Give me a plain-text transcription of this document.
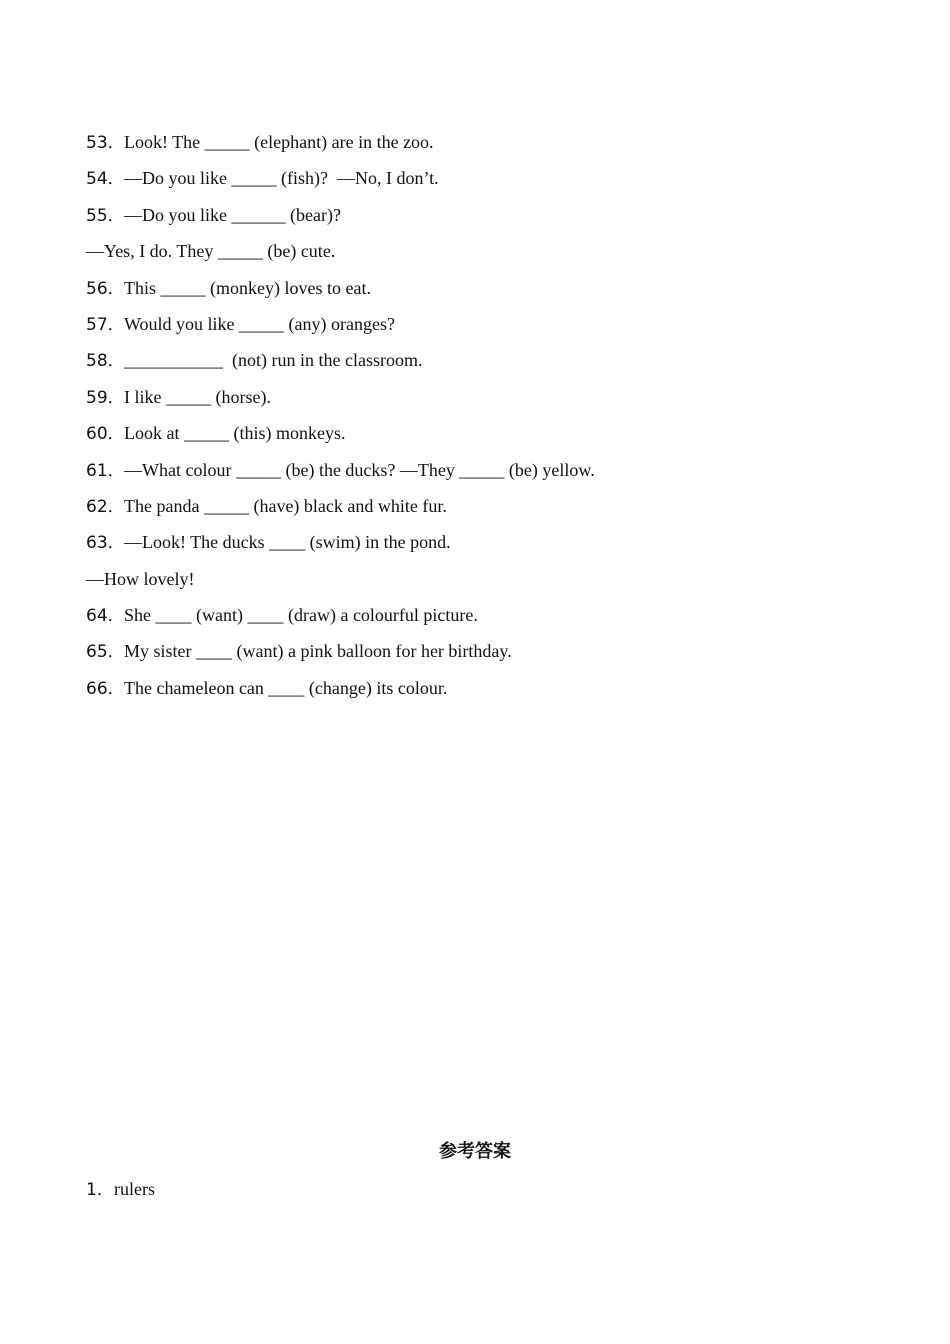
53．Look! The _____ (elephant) are in the zoo.
54．—Do you like _____ (fish)?  —No, I don’t.
55．—Do you like ______ (bear)?
—Yes, I do. They _____ (be) cute.
56．This _____ (monkey) loves to eat.
57．Would you like _____ (any) oranges?
58．___________  (not) run in the classroom.
59．I like _____ (horse).
60．Look at _____ (this) monkeys.
61．—What colour _____ (be) the ducks? —They _____ (be) yellow.
62．The panda _____ (have) black and white fur.
63．—Look! The ducks ____ (swim) in the pond.
—How lovely!
64．She ____ (want) ____ (draw) a colourful picture.
65．My sister ____ (want) a pink balloon for her birthday.
66．The chameleon can ____ (change) its colour.
参考答案
1．rulers
